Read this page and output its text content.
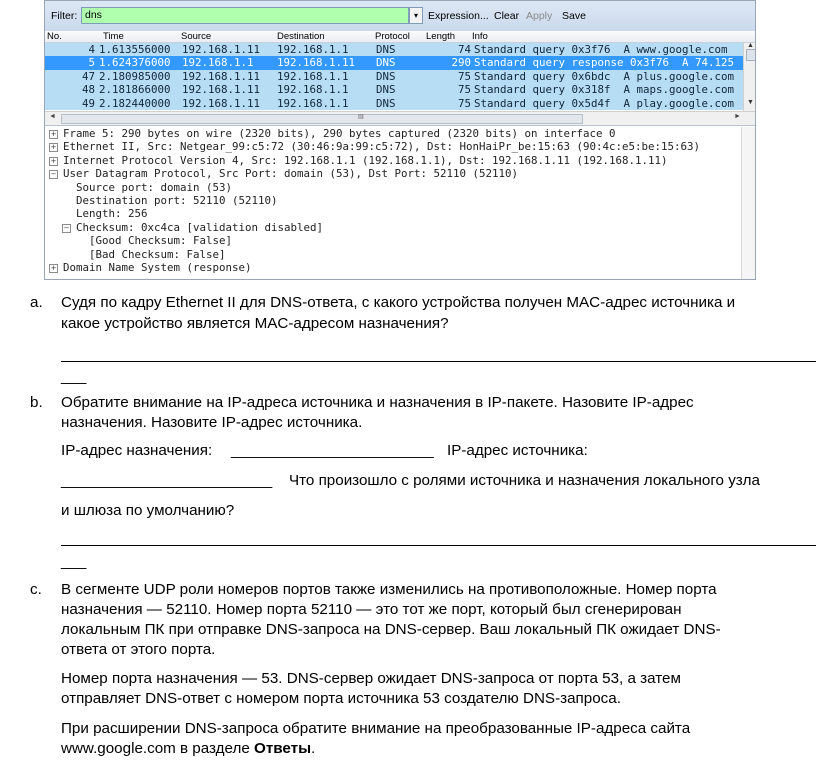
Filter: dns	▾ Expression... Clear Apply Save
No.	Time	Source	Destination	Protocol Length Info
4 1.613556000 192.168.1.11 192.168.1.1	DNS	74 Standard query 0x3f76  A www.google.com
5 1.624376000 192.168.1.1 192.168.1.11 DNS	290 Standard query response 0x3f76  A 74.125
47 2.180985000 192.168.1.11 192.168.1.1	DNS	75 Standard query 0x6bdc  A plus.google.com
48 2.181866000 192.168.1.11 192.168.1.1	DNS	75 Standard query 0x318f  A maps.google.com
49 2.182440000 192.168.1.11 192.168.1.1	DNS	75 Standard query 0x5d4f  A play.google.com
▲
▼
◄	III	►
+ Frame 5: 290 bytes on wire (2320 bits), 290 bytes captured (2320 bits) on interface 0
+ Ethernet II, Src: Netgear_99:c5:72 (30:46:9a:99:c5:72), Dst: HonHaiPr_be:15:63 (90:4c:e5:be:15:63)
+ Internet Protocol Version 4, Src: 192.168.1.1 (192.168.1.1), Dst: 192.168.1.11 (192.168.1.11)
− User Datagram Protocol, Src Port: domain (53), Dst Port: 52110 (52110)
Source port: domain (53)
Destination port: 52110 (52110)
Length: 256
− Checksum: 0xc4ca [validation disabled]
[Good Checksum: False]
[Bad Checksum: False]
+ Domain Name System (response)
a. Судя по кадру Ethernet II для DNS-ответа, с какого устройства получен MAC-адрес источника и
какое устройство является MAC-адресом назначения?
___
b. Обратите внимание на IP-адреса источника и назначения в IP-пакете. Назовите IP-адрес
назначения. Назовите IP-адрес источника.
IP-адрес назначения: ________________________ IP-адрес источника:
_________________________ Что произошло с ролями источника и назначения локального узла
и шлюза по умолчанию?
___
c. В сегменте UDP роли номеров портов также изменились на противоположные. Номер порта
назначения — 52110. Номер порта 52110 — это тот же порт, который был сгенерирован
локальным ПК при отправке DNS-запроса на DNS-сервер. Ваш локальный ПК ожидает DNS-
ответа от этого порта.
Номер порта назначения — 53. DNS-сервер ожидает DNS-запроса от порта 53, а затем
отправляет DNS-ответ с номером порта источника 53 создателю DNS-запроса.
При расширении DNS-запроса обратите внимание на преобразованные IP-адреса сайта
www.google.com в разделе Ответы.
